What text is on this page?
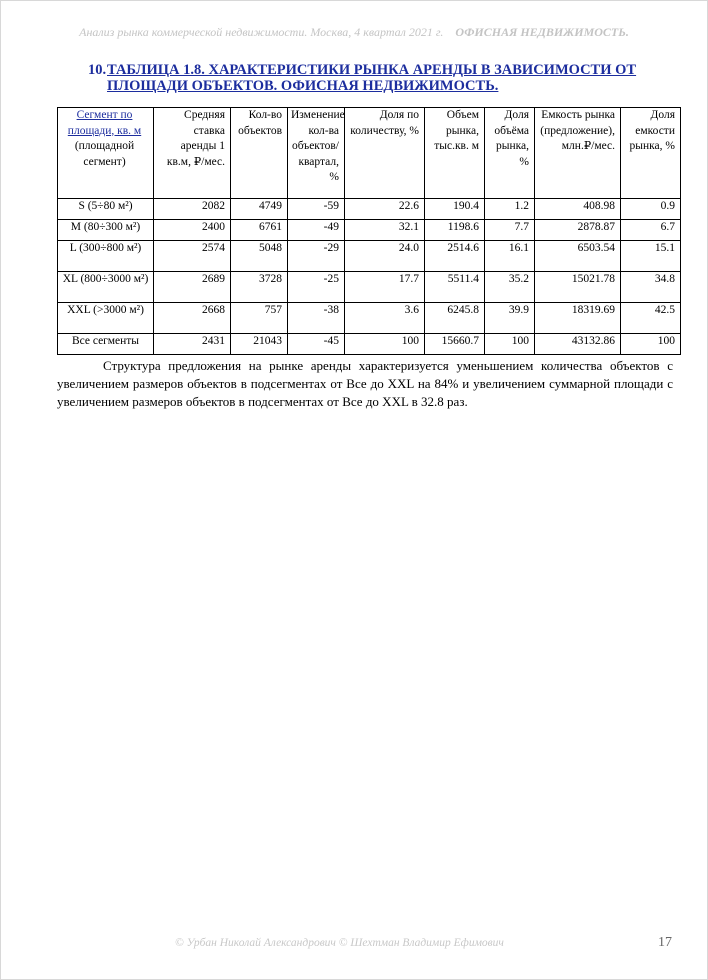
Анализ рынка коммерческой недвижимости. Москва, 4 квартал 2021 г. ОФИСНАЯ НЕДВИЖИМОСТЬ.
10. ТАБЛИЦА 1.8. ХАРАКТЕРИСТИКИ РЫНКА АРЕНДЫ В ЗАВИСИМОСТИ ОТ ПЛОЩАДИ ОБЪЕКТОВ. ОФИСНАЯ НЕДВИЖИМОСТЬ.
Сегмент по площади, кв. м
(площадной сегмент)	Средняя ставка аренды 1 кв.м, ₽/мес.	Кол-во объектов	Изменение кол-ва объектов/квартал, %	Доля по количеству, %	Объем рынка, тыс.кв. м	Доля объёма рынка, %	Емкость рынка (предложение), млн.₽/мес.	Доля емкости рынка, %
S (5÷80 м²)	2082	4749	-59	22.6	190.4	1.2	408.98	0.9
M (80÷300 м²)	2400	6761	-49	32.1	1198.6	7.7	2878.87	6.7
L (300÷800 м²)	2574	5048	-29	24.0	2514.6	16.1	6503.54	15.1
XL (800÷3000 м²)	2689	3728	-25	17.7	5511.4	35.2	15021.78	34.8
XXL (>3000 м²)	2668	757	-38	3.6	6245.8	39.9	18319.69	42.5
Все сегменты	2431	21043	-45	100	15660.7	100	43132.86	100
Структура предложения на рынке аренды характеризуется уменьшением количества объектов с увеличением размеров объектов в подсегментах от Все до XXL на 84% и увеличением суммарной площади с увеличением размеров объектов в подсегментах от Все до XXL в 32.8 раз.
© Урбан Николай Александрович © Шехтман Владимир Ефимович	17
